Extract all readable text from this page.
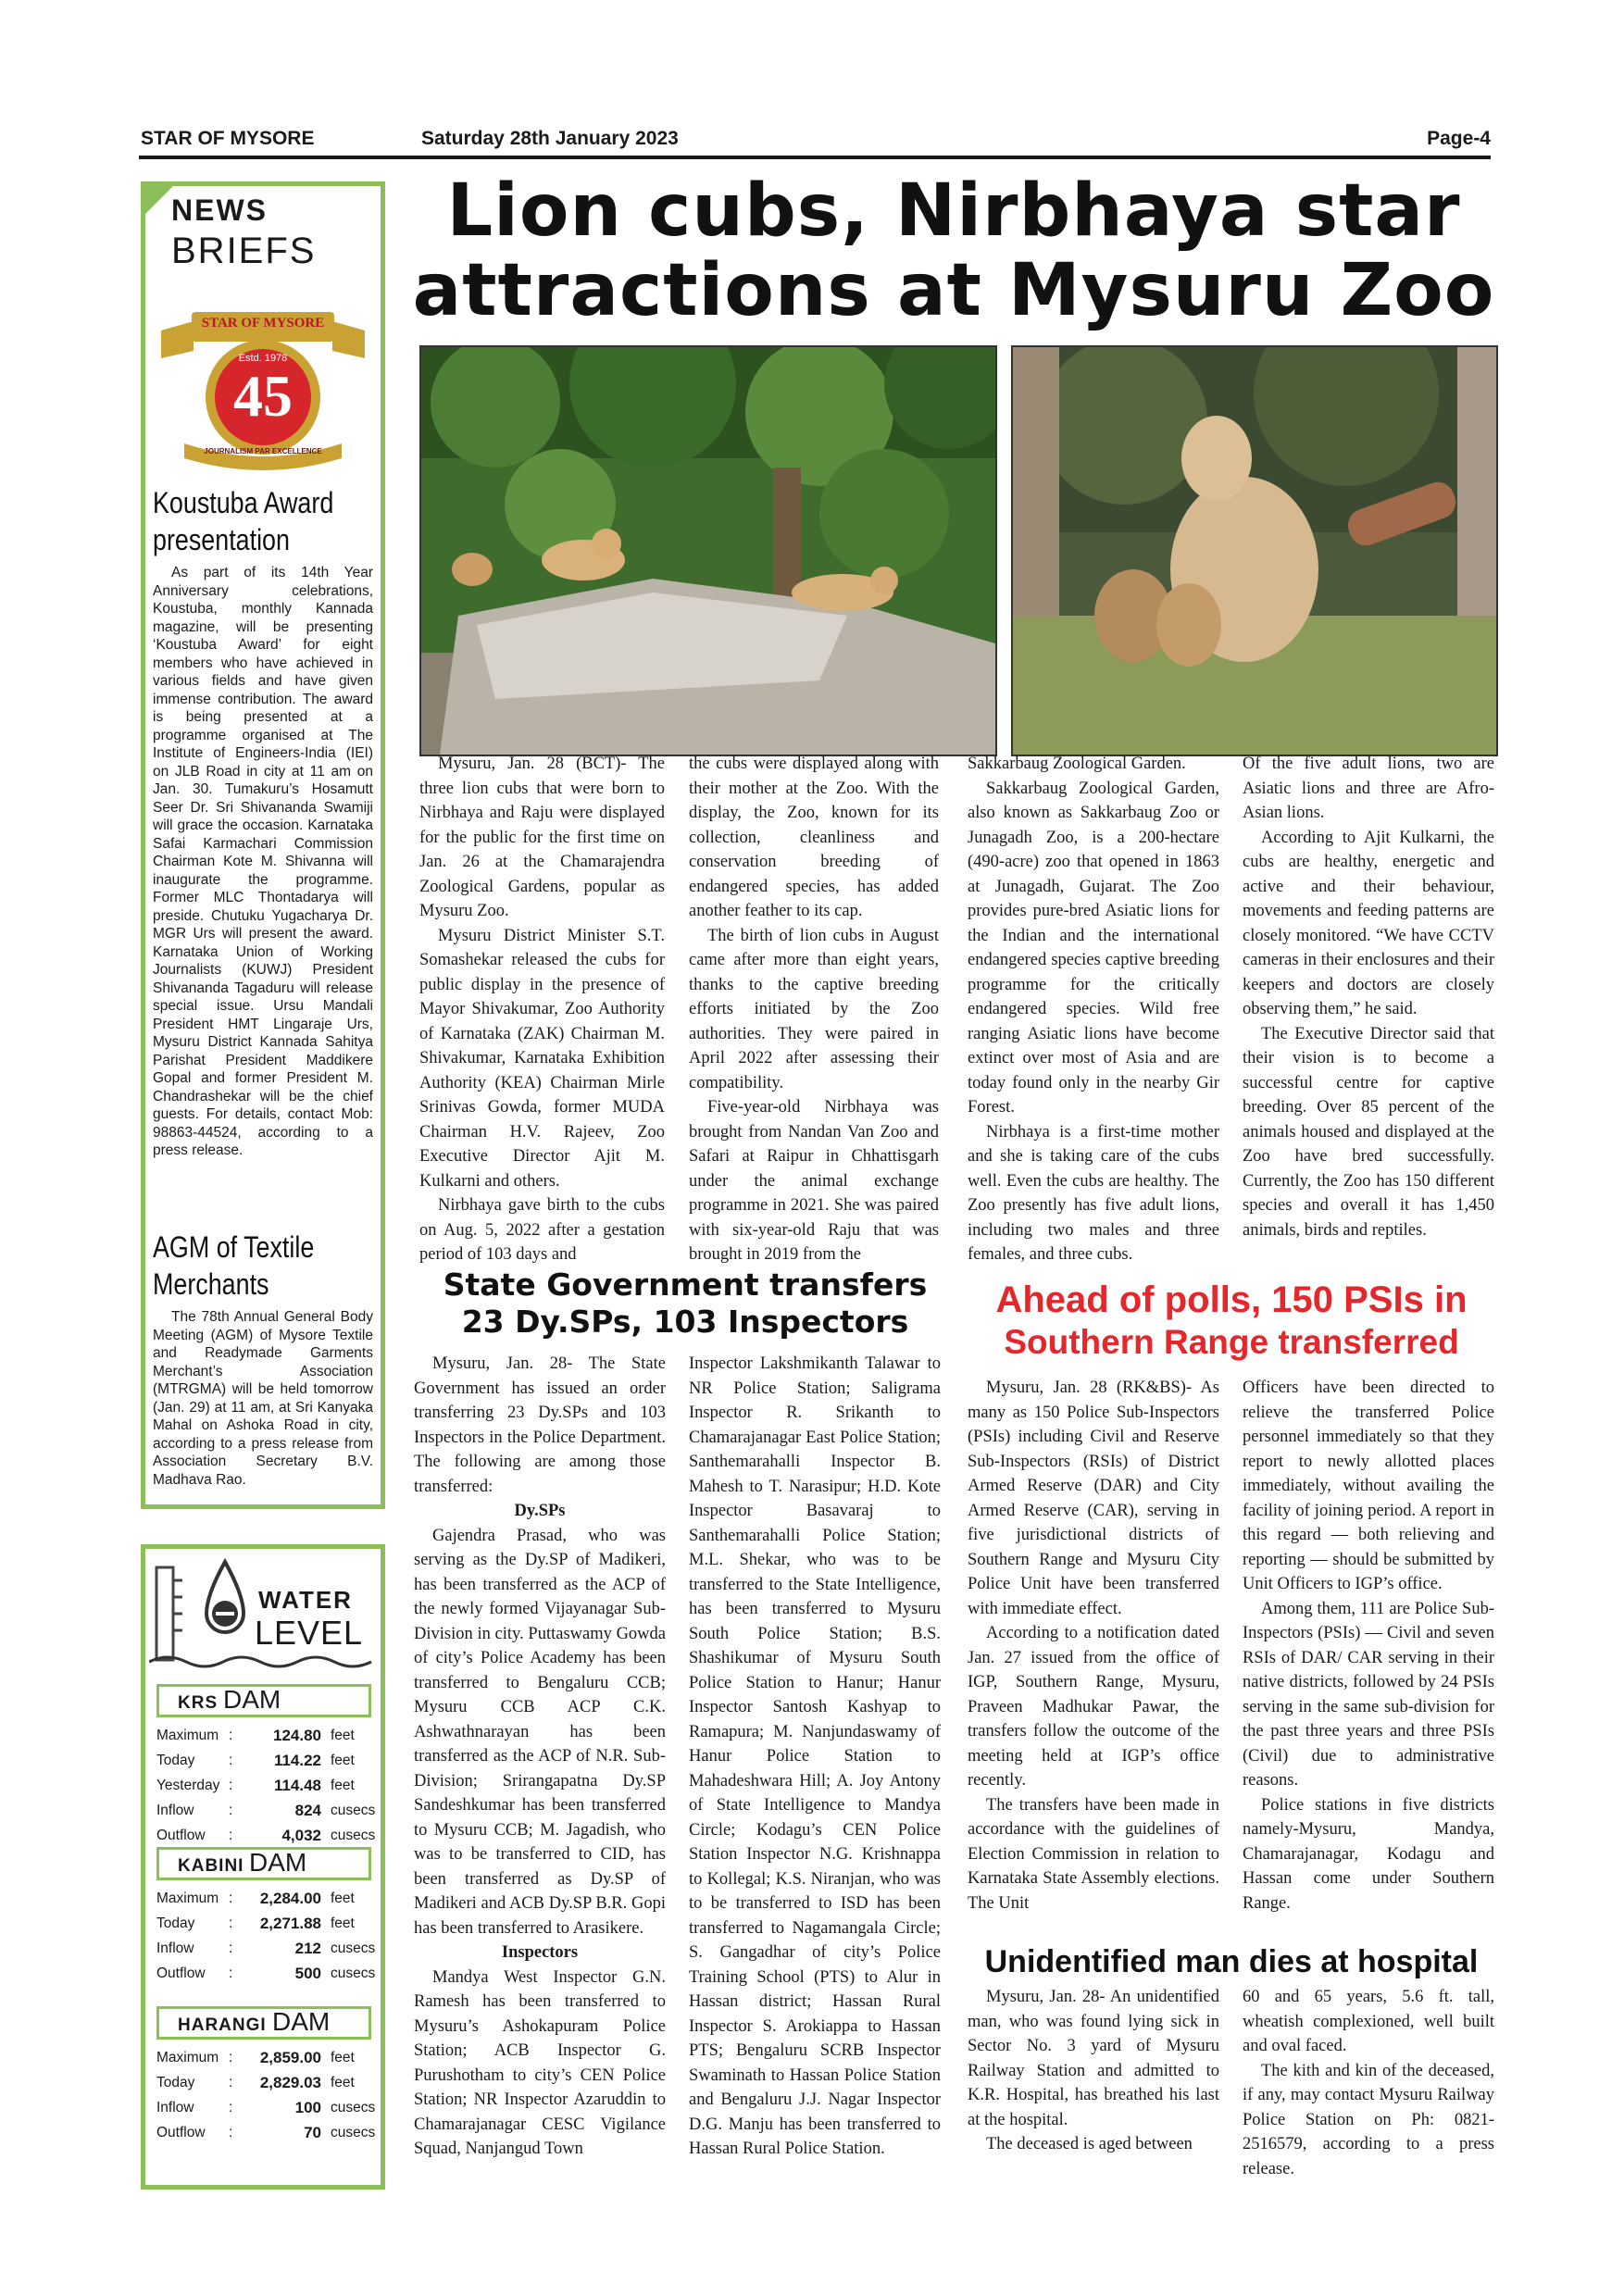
STAR OF MYSORE	Saturday 28th January 2023	Page-4
Lion cubs, Nirbhaya star
attractions at Mysuru Zoo

Mysuru, Jan. 28 (BCT)- The three lion cubs that were born to Nirbhaya and Raju were displayed for the public for the first time on Jan. 26 at the Chamarajendra Zoological Gardens, popular as Mysuru Zoo.

Mysuru District Minister S.T. Somashekar released the cubs for public display in the presence of Mayor Shivakumar, Zoo Authority of Karnataka (ZAK) Chairman M. Shivakumar, Karnataka Exhibition Authority (KEA) Chairman Mirle Srinivas Gowda, former MUDA Chairman H.V. Rajeev, Zoo Executive Director Ajit M. Kulkarni and others.

Nirbhaya gave birth to the cubs on Aug. 5, 2022 after a gestation period of 103 days and

the cubs were displayed along with their mother at the Zoo. With the display, the Zoo, known for its collection, cleanliness and conservation breeding of endangered species, has added another feather to its cap.

The birth of lion cubs in August came after more than eight years, thanks to the captive breeding efforts initiated by the Zoo authorities. They were paired in April 2022 after assessing their compatibility.

Five-year-old Nirbhaya was brought from Nandan Van Zoo and Safari at Raipur in Chhattisgarh under the animal exchange programme in 2021. She was paired with six-year-old Raju that was brought in 2019 from the

Sakkarbaug Zoological Garden.

Sakkarbaug Zoological Garden, also known as Sakkarbaug Zoo or Junagadh Zoo, is a 200-hectare (490-acre) zoo that opened in 1863 at Junagadh, Gujarat. The Zoo provides pure-bred Asiatic lions for the Indian and the international endangered species captive breeding programme for the critically endangered species. Wild free ranging Asiatic lions have become extinct over most of Asia and are today found only in the nearby Gir Forest.

Nirbhaya is a first-time mother and she is taking care of the cubs well. Even the cubs are healthy. The Zoo presently has five adult lions, including two males and three females, and three cubs.

Of the five adult lions, two are Asiatic lions and three are Afro-Asian lions.

According to Ajit Kulkarni, the cubs are healthy, energetic and active and their behaviour, movements and feeding patterns are closely monitored. “We have CCTV cameras in their enclosures and their keepers and doctors are closely observing them,” he said.

The Executive Director said that their vision is to become a successful centre for captive breeding. Over 85 percent of the animals housed and displayed at the Zoo have bred successfully. Currently, the Zoo has 150 different species and overall it has 1,450 animals, birds and reptiles.

State Government transfers
23 Dy.SPs, 103 Inspectors

Mysuru, Jan. 28- The State Government has issued an order transferring 23 Dy.SPs and 103 Inspectors in the Police Department. The following are among those transferred:

Dy.SPs

Gajendra Prasad, who was serving as the Dy.SP of Madikeri, has been transferred as the ACP of the newly formed Vijayanagar Sub-Division in city. Puttaswamy Gowda of city’s Police Academy has been transferred to Bengaluru CCB; Mysuru CCB ACP C.K. Ashwathnarayan has been transferred as the ACP of N.R. Sub-Division; Srirangapatna Dy.SP Sandeshkumar has been transferred to Mysuru CCB; M. Jagadish, who was to be transferred to CID, has been transferred as Dy.SP of Madikeri and ACB Dy.SP B.R. Gopi has been transferred to Arasikere.

Inspectors

Mandya West Inspector G.N. Ramesh has been transferred to Mysuru’s Ashokapuram Police Station; ACB Inspector G. Purushotham to city’s CEN Police Station; NR Inspector Azaruddin to Chamarajanagar CESC Vigilance Squad, Nanjangud Town

Inspector Lakshmikanth Talawar to NR Police Station; Saligrama Inspector R. Srikanth to Chamarajanagar East Police Station; Santhemarahalli Inspector B. Mahesh to T. Narasipur; H.D. Kote Inspector Basavaraj to Santhemarahalli Police Station; M.L. Shekar, who was to be transferred to the State Intelligence, has been transferred to Mysuru South Police Station; B.S. Shashikumar of Mysuru South Police Station to Hanur; Hanur Inspector Santosh Kashyap to Ramapura; M. Nanjundaswamy of Hanur Police Station to Mahadeshwara Hill; A. Joy Antony of State Intelligence to Mandya Circle; Kodagu’s CEN Police Station Inspector N.G. Krishnappa to Kollegal; K.S. Niranjan, who was to be transferred to ISD has been transferred to Nagamangala Circle; S. Gangadhar of city’s Police Training School (PTS) to Alur in Hassan district; Hassan Rural Inspector S. Arokiappa to Hassan PTS; Bengaluru SCRB Inspector Swaminath to Hassan Police Station and Bengaluru J.J. Nagar Inspector D.G. Manju has been transferred to Hassan Rural Police Station.

Ahead of polls, 150 PSIs in
Southern Range transferred

Mysuru, Jan. 28 (RK&BS)- As many as 150 Police Sub-Inspectors (PSIs) including Civil and Reserve Sub-Inspectors (RSIs) of District Armed Reserve (DAR) and City Armed Reserve (CAR), serving in five jurisdictional districts of Southern Range and Mysuru City Police Unit have been transferred with immediate effect.

According to a notification dated Jan. 27 issued from the office of IGP, Southern Range, Mysuru, Praveen Madhukar Pawar, the transfers follow the outcome of the meeting held at IGP’s office recently.

The transfers have been made in accordance with the guidelines of Election Commission in relation to Karnataka State Assembly elections. The Unit

Officers have been directed to relieve the transferred Police personnel immediately so that they report to newly allotted places immediately, without availing the facility of joining period. A report in this regard — both relieving and reporting — should be submitted by Unit Officers to IGP’s office.

Among them, 111 are Police Sub-Inspectors (PSIs) — Civil and seven RSIs of DAR/ CAR serving in their native districts, followed by 24 PSIs serving in the same sub-division for the past three years and three PSIs (Civil) due to administrative reasons.

Police stations in five districts namely-Mysuru, Mandya, Chamarajanagar, Kodagu and Hassan come under Southern Range.

Unidentified man dies at hospital

Mysuru, Jan. 28- An unidentified man, who was found lying sick in Sector No. 3 yard of Mysuru Railway Station and admitted to K.R. Hospital, has breathed his last at the hospital.

The deceased is aged between

60 and 65 years, 5.6 ft. tall, wheatish complexioned, well built and oval faced.

The kith and kin of the deceased, if any, may contact Mysuru Railway Police Station on Ph: 0821-2516579, according to a press release.

NEWS
BRIEFS
STAR OF MYSORE
Estd. 1978
45
JOURNALISM PAR EXCELLENCE
Koustuba Award
presentation
As part of its 14th Year Anniversary celebrations, Koustuba, monthly Kannada magazine, will be presenting ‘Koustuba Award’ for eight members who have achieved in various fields and have given immense contribution. The award is being presented at a programme organised at The Institute of Engineers-India (IEI) on JLB Road in city at 11 am on Jan. 30. Tumakuru’s Hosamutt Seer Dr. Sri Shivananda Swamiji will grace the occasion. Karnataka Safai Karmachari Commission Chairman Kote M. Shivanna will inaugurate the programme. Former MLC Thontadarya will preside. Chutuku Yugacharya Dr. MGR Urs will present the award. Karnataka Union of Working Journalists (KUWJ) President Shivananda Tagaduru will release special issue. Ursu Mandali President HMT Lingaraje Urs, Mysuru District Kannada Sahitya Parishat President Maddikere Gopal and former President M. Chandrashekar will be the chief guests. For details, contact Mob: 98863-44524, according to a press release.
AGM of Textile
Merchants
The 78th Annual General Body Meeting (AGM) of Mysore Textile and Readymade Garments Merchant’s Association (MTRGMA) will be held tomorrow (Jan. 29) at 11 am, at Sri Kanyaka Mahal on Ashoka Road in city, according to a press release from Association Secretary B.V. Madhava Rao.
WATER
LEVEL
KRS DAM
Maximum :	124.80 feet
Today :	114.22 feet
Yesterday :	114.48 feet
Inflow :	824 cusecs
Outflow :	4,032 cusecs
KABINI DAM
Maximum : 2,284.00 feet
Today : 2,271.88 feet
Inflow :	212 cusecs
Outflow :	500 cusecs
HARANGI DAM
Maximum : 2,859.00 feet
Today : 2,829.03 feet
Inflow :	100 cusecs
Outflow :	70 cusecs
